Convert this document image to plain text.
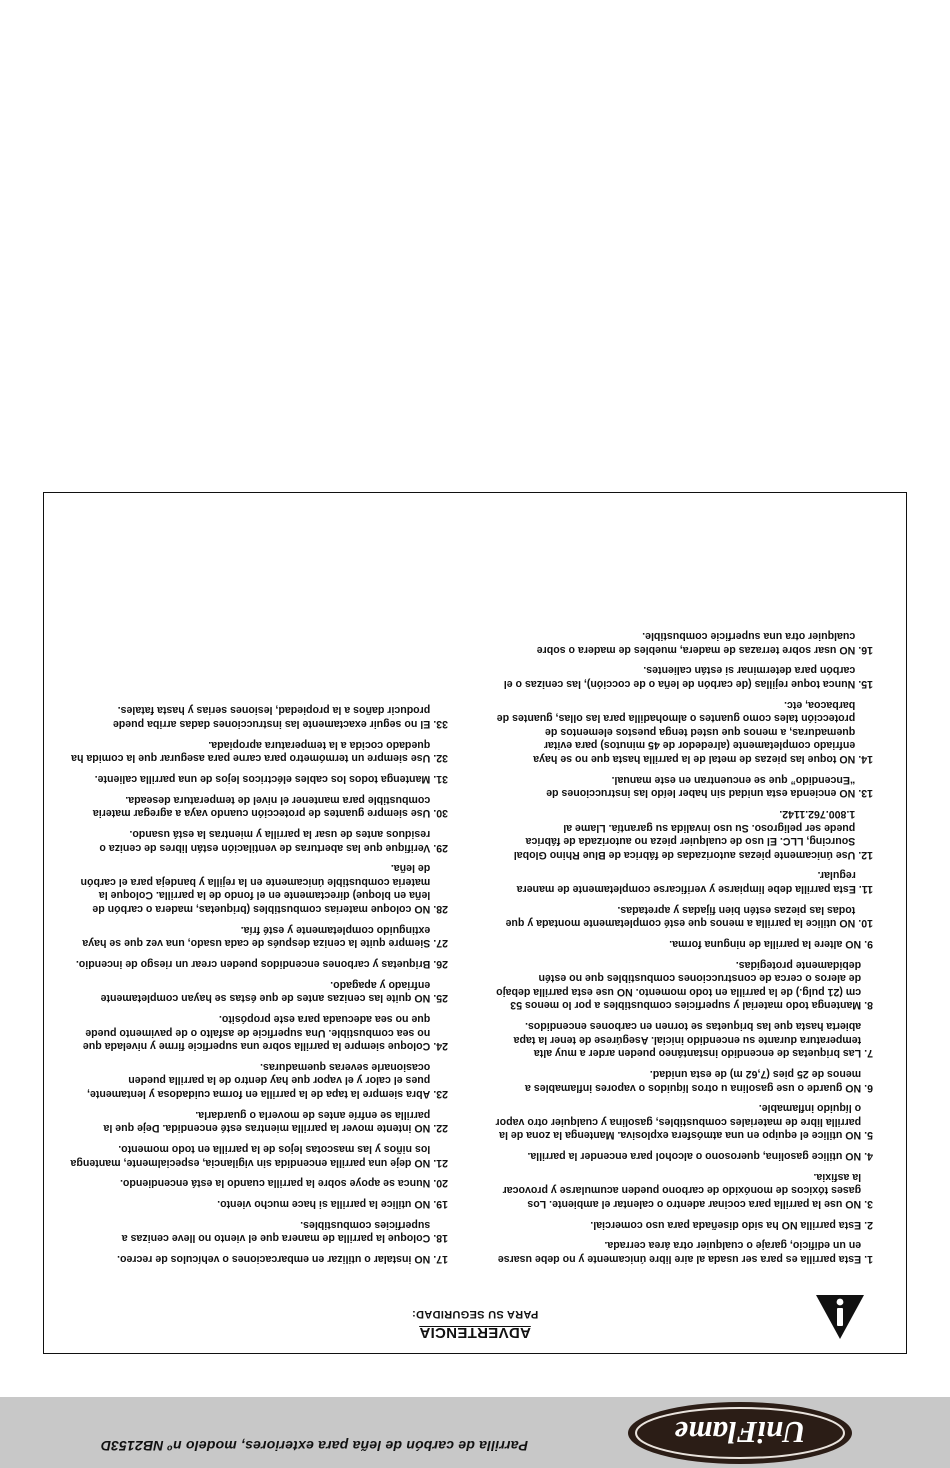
Parrilla de carbón de leña para exteriores, modelo nº NB2153D	UniFlame
ADVERTENCIA
PARA SU SEGURIDAD:
1.
Esta parrilla es para ser usada al aire libre únicamente y no debe usarse en un edificio, garaje o cualquier otra área cerrada.
2.
Esta parrilla NO ha sido diseñada para uso comercial.
3.
NO use la parrilla para cocinar adentro o calentar el ambiente. Los gases tóxicos de monóxido de carbono pueden acumularse y provocar la asfixia.
4.
NO utilice gasolina, querosono o alcohol para encender la parrilla.
5.
NO utilice el equipo en una atmósfera explosiva. Mantenga la zona de la parrilla libre de materiales combustibles, gasolina y cualquier otro vapor o líquido inflamable.
6.
NO guarde o use gasolina u otros líquidos o vapores inflamables a menos de 25 pies (7,62 m) de esta unidad.
7.
Las briquetas de encendido instantáneo pueden arder a muy alta temperatura durante su encendido inicial. Asegúrese de tener la tapa abierta hasta que las briquetas se tornen en carbones encendidos.
8.
Mantenga todo material y superficies combustibles a por lo menos 53 cm (21 pulg.) de la parrilla en todo momento. NO use esta parrilla debajo de aleros o cerca de construcciones combustibles que no estén debidamente protegidas.
9.
NO altere la parrilla de ninguna forma.
10.
NO utilice la parrilla a menos que esté completamente montada y que todas las piezas estén bien fijadas y apretadas.
11.
Esta parrilla debe limpiarse y verificarse completamente de manera regular.
12.
Use únicamente piezas autorizadas de fábrica de Blue Rhino Global Sourcing, LLC. El uso de cualquier pieza no autorizada de fábrica puede ser peligroso. Su uso invalida su garantía. Llame al 1.800.762.1142.
13.
NO encienda esta unidad sin haber leído las instrucciones de “Encendido” que se encuentran en este manual.
14.
NO toque las piezas de metal de la parrilla hasta que no se haya enfriado completamente (alrededor de 45 minutos) para evitar quemaduras, a menos que usted tenga puestos elementos de protección tales como guantes o almohadilla para las ollas, guantes de barbacoa, etc.
15.
Nunca toque rejillas (de carbón de leña o de cocción), las cenizas o el carbón para determinar si están calientes.
16.
NO usar sobre terrazas de madera, muebles de madera o sobre cualquier otra una superficie combustible.
17.
NO instalar o utilizar en embarcaciones o vehículos de recreo.
18.
Coloque la parrilla de manera que el viento no lleve cenizas a superficies combustibles.
19.
NO utilice la parrilla si hace mucho viento.
20.
Nunca se apoye sobre la parrilla cuando la está encendiendo.
21.
NO deje una parrilla encendida sin vigilancia, especialmente, mantenga los niños y las mascotas lejos de la parrilla en todo momento.
22.
NO intente mover la parrilla mientras esté encendida. Deje que la parrilla se enfríe antes de moverla o guardarla.
23.
Abra siempre la tapa de la parrilla en forma cuidadosa y lentamente, pues el calor y el vapor que hay dentro de la parrilla pueden ocasionarle severas quemaduras.
24.
Coloque siempre la parrilla sobre una superficie firme y nivelada que no sea combustible. Una superficie de asfalto o de pavimento puede que no sea adecuada para este propósito.
25.
NO quite las cenizas antes de que éstas se hayan completamente enfriado y apagado.
26.
Briquetas y carbones encendidos pueden crear un riesgo de incendio.
27.
Siempre quite la ceniza después de cada usado, una vez que se haya extinguido completamente y esté fría.
28.
NO coloque materias combustibles (briquetas, madera o carbón de leña en bloque) directamente en el fondo de la parrilla. Coloque la materia combustible únicamente en la rejilla y bandeja para el carbón de leña.
29.
Verifique que las aberturas de ventilación están libres de ceniza o residuos antes de usar la parrilla y mientras la está usando.
30.
Use siempre guantes de protección cuando vaya a agregar materia combustible para mantener el nivel de temperatura deseada.
31.
Mantenga todos los cables eléctricos lejos de una parrilla caliente.
32.
Use siempre un termómetro para carne para asegurar que la comida ha quedado cocida a la temperatura apropiada.
33.
El no seguir exactamente las instrucciones dadas arriba puede producir daños a la propiedad, lesiones serias y hasta fatales.
